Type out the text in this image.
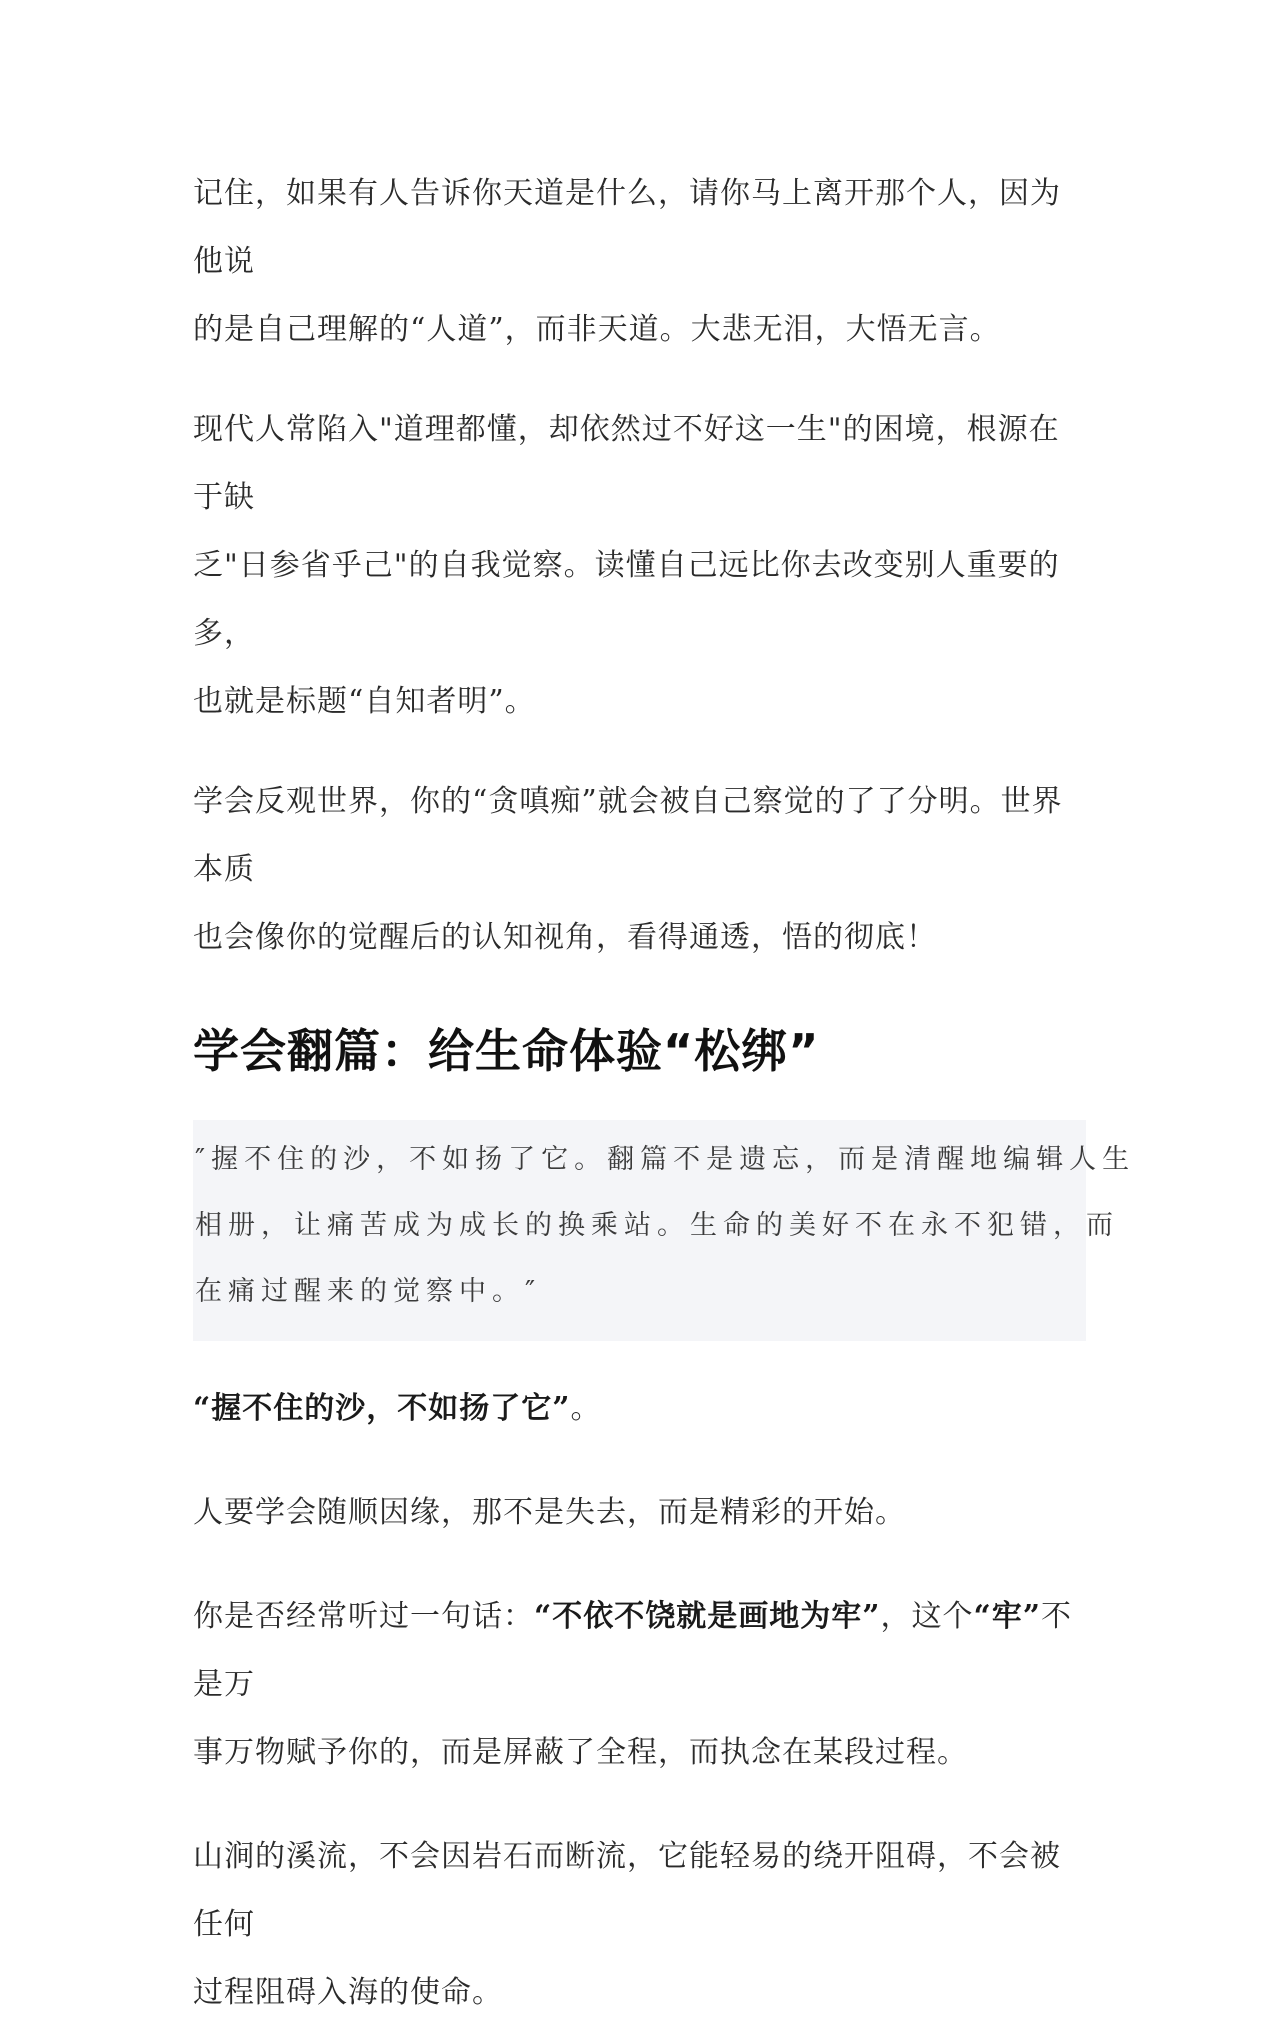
记住，如果有人告诉你天道是什么，请你马上离开那个人，因为他说

的是自己理解的“人道”，而非天道。大悲无泪，大悟无言。

现代人常陷入"道理都懂，却依然过不好这一生"的困境，根源在于缺

乏"日参省乎己"的自我觉察。读懂自己远比你去改变别人重要的多，

也就是标题“自知者明”。

学会反观世界，你的“贪嗔痴”就会被自己察觉的了了分明。世界本质

也会像你的觉醒后的认知视角，看得通透，悟的彻底！

学会翻篇：给生命体验“松绑”

″握不住的沙，不如扬了它。翻篇不是遗忘，而是清醒地编辑人生

相册，让痛苦成为成长的换乘站。生命的美好不在永不犯错，而

在痛过醒来的觉察中。″

“握不住的沙，不如扬了它”。

人要学会随顺因缘，那不是失去，而是精彩的开始。

你是否经常听过一句话：“不依不饶就是画地为牢”，这个“牢”不是万

事万物赋予你的，而是屏蔽了全程，而执念在某段过程。

山涧的溪流，不会因岩石而断流，它能轻易的绕开阻碍，不会被任何

过程阻碍入海的使命。
